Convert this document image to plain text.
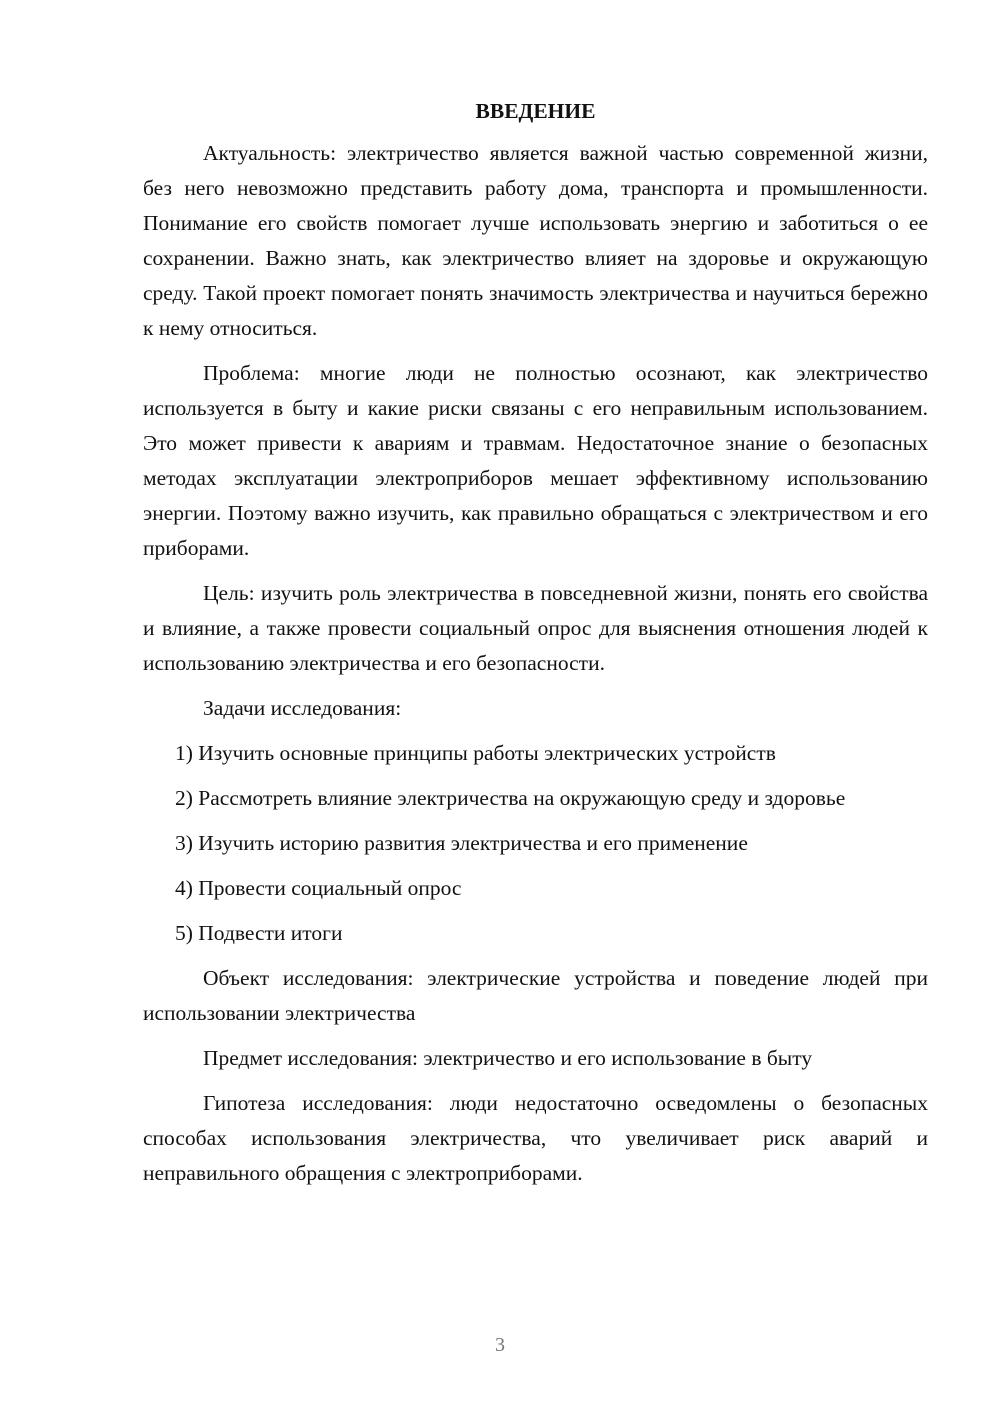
ВВЕДЕНИЕ

Актуальность: электричество является важной частью современной жизни, без него невозможно представить работу дома, транспорта и промышленности. Понимание его свойств помогает лучше использовать энергию и заботиться о ее сохранении. Важно знать, как электричество влияет на здоровье и окружающую среду. Такой проект помогает понять значимость электричества и научиться бережно к нему относиться.

Проблема: многие люди не полностью осознают, как электричество используется в быту и какие риски связаны с его неправильным использованием. Это может привести к авариям и травмам. Недостаточное знание о безопасных методах эксплуатации электроприборов мешает эффективному использованию энергии. Поэтому важно изучить, как правильно обращаться с электричеством и его приборами.

Цель: изучить роль электричества в повседневной жизни, понять его свойства и влияние, а также провести социальный опрос для выяснения отношения людей к использованию электричества и его безопасности.

Задачи исследования:

1) Изучить основные принципы работы электрических устройств

2) Рассмотреть влияние электричества на окружающую среду и здоровье

3) Изучить историю развития электричества и его применение

4) Провести социальный опрос

5) Подвести итоги

Объект исследования: электрические устройства и поведение людей при использовании электричества

Предмет исследования: электричество и его использование в быту

Гипотеза исследования: люди недостаточно осведомлены о безопасных способах использования электричества, что увеличивает риск аварий и неправильного обращения с электроприборами.

3
